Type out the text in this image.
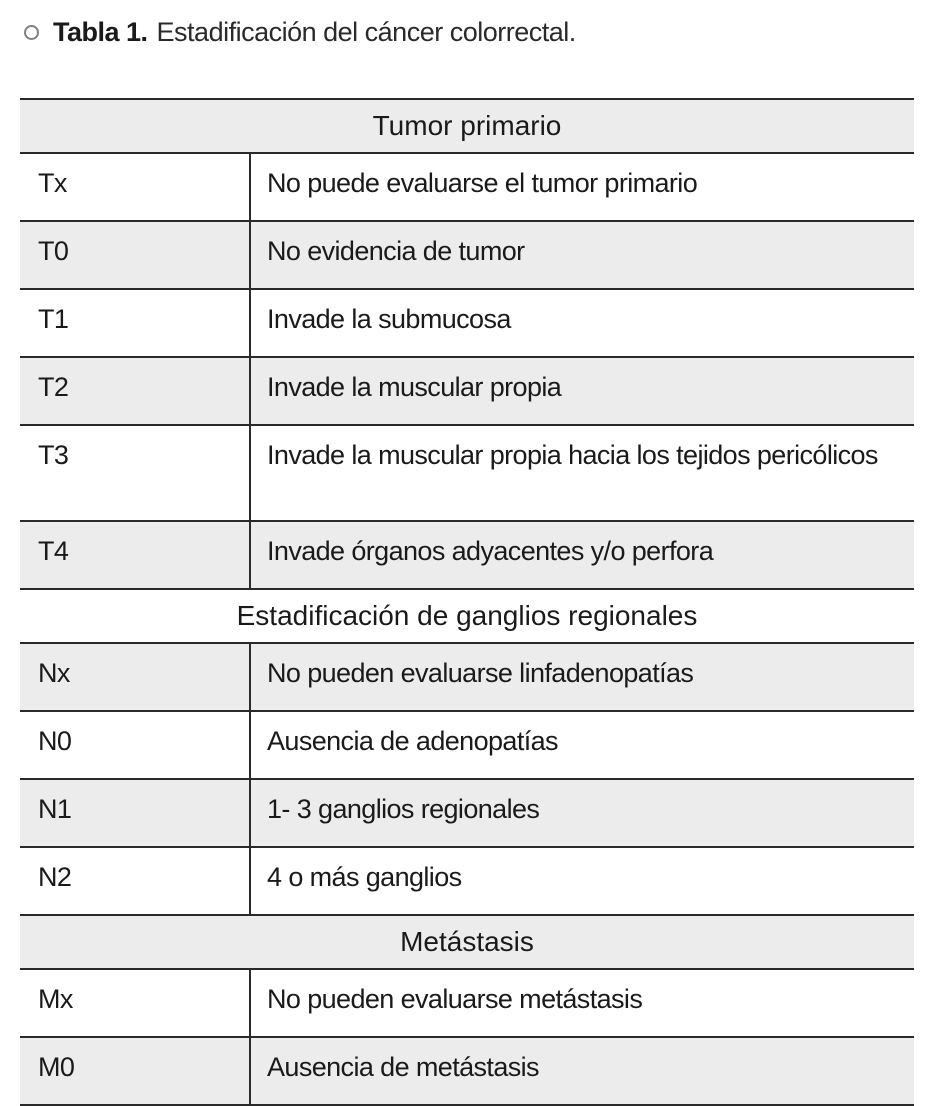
Tabla 1. Estadificación del cáncer colorrectal.
Tumor primario	
Tx	No puede evaluarse el tumor primario
T0	No evidencia de tumor
T1	Invade la submucosa
T2	Invade la muscular propia
T3	Invade la muscular propia hacia los tejidos pericólicos
T4	Invade órganos adyacentes y/o perfora
Estadificación de ganglios regionales	
Nx	No pueden evaluarse linfadenopatías
N0	Ausencia de adenopatías
N1	1- 3 ganglios regionales
N2	4 o más ganglios
Metástasis	
Mx	No pueden evaluarse metástasis
M0	Ausencia de metástasis
